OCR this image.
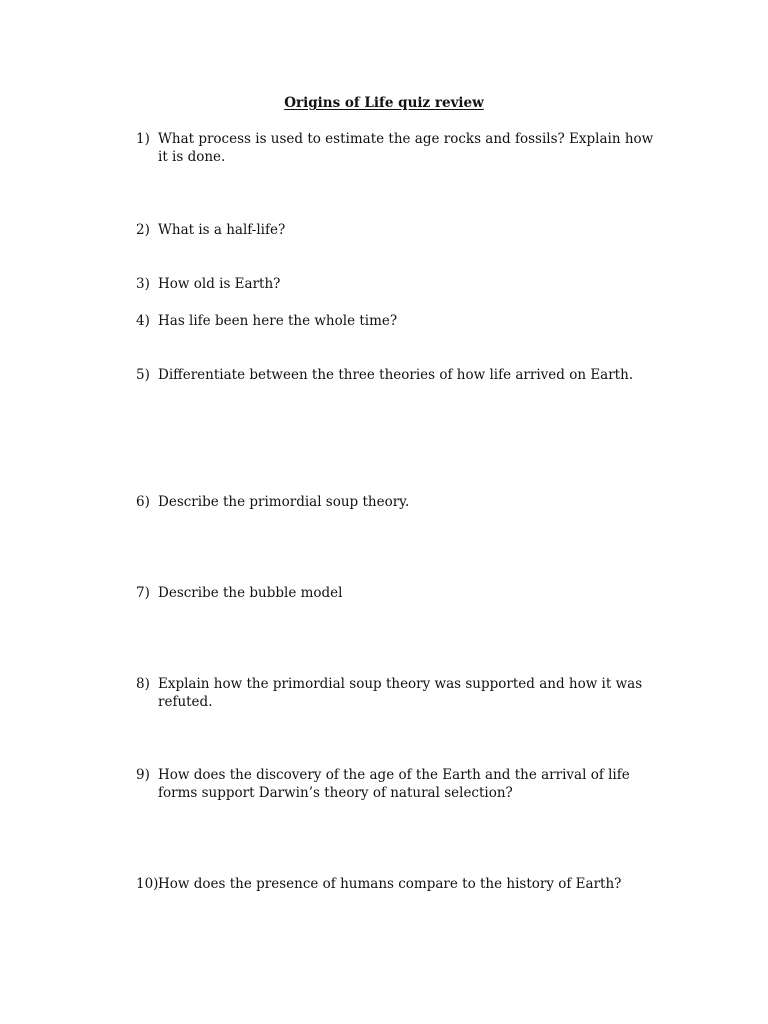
Origins of Life quiz review
1) What process is used to estimate the age rocks and fossils? Explain how it is done.
2) What is a half-life?
3) How old is Earth?
4) Has life been here the whole time?
5) Differentiate between the three theories of how life arrived on Earth.
6) Describe the primordial soup theory.
7) Describe the bubble model
8) Explain how the primordial soup theory was supported and how it was refuted.
9) How does the discovery of the age of the Earth and the arrival of life forms support Darwin’s theory of natural selection?
10) How does the presence of humans compare to the history of Earth?
